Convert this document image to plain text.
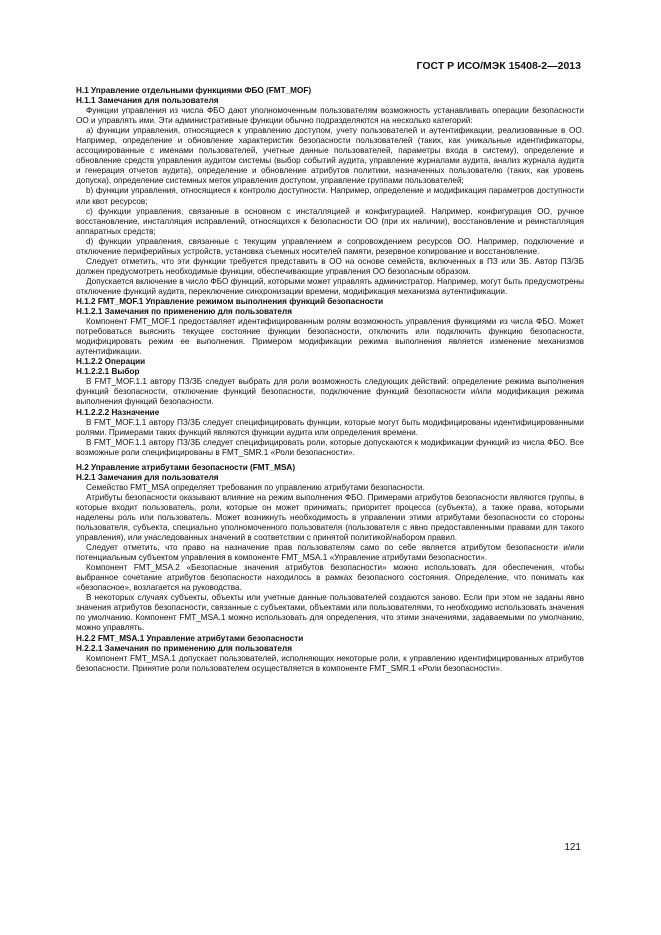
ГОСТ Р ИСО/МЭК 15408-2—2013

H.1 Управление отдельными функциями ФБО (FMT_MOF)

H.1.1 Замечания для пользователя

Функции управления из числа ФБО дают уполномоченным пользователям возможность устанавливать операции безопасности ОО и управлять ими. Эти административные функции обычно подразделяются на несколько категорий:

а) функции управления, относящиеся к управлению доступом, учету пользователей и аутентификации, реализованные в ОО. Например, определение и обновление характеристик безопасности пользователей (таких, как уникальные идентификаторы, ассоциированные с именами пользователей, учетные данные пользователей, параметры входа в систему), определение и обновление средств управления аудитом системы (выбор событий аудита, управление журналами аудита, анализ журнала аудита и генерация отчетов аудита), определение и обновление атрибутов политики, назначенных пользователю (таких, как уровень допуска), определение системных меток управления доступом, управление группами пользователей;

b) функции управления, относящиеся к контролю доступности. Например, определение и модификация параметров доступности или квот ресурсов;

с) функции управления, связанные в основном с инсталляцией и конфигурацией. Например, конфигурация ОО, ручное восстановление, инсталляция исправлений, относящихся к безопасности ОО (при их наличии), восстановление и реинсталляция аппаратных средств;

d) функции управления, связанные с текущим управлением и сопровождением ресурсов ОО. Например, подключение и отключение периферийных устройств, установка съемных носителей памяти, резервное копирование и восстановление.

Следует отметить, что эти функции требуется представить в ОО на основе семейств, включенных в ПЗ или ЗБ. Автор ПЗ/ЗБ должен предусмотреть необходимые функции, обеспечивающие управления ОО безопасным образом.

Допускается включение в число ФБО функций, которыми может управлять администратор. Например, могут быть предусмотрены отключение функций аудита, переключение синхронизации времени, модификация механизма аутентификации.

H.1.2 FMT_MOF.1 Управление режимом выполнения функций безопасности

H.1.2.1 Замечания по применению для пользователя

Компонент FMT_MOF.1 предоставляет идентифицированным ролям возможность управления функциями из числа ФБО. Может потребоваться выяснить текущее состояние функции безопасности, отключить или подключить функцию безопасности, модифицировать режим ее выполнения. Примером модификации режима выполнения является изменение механизмов аутентификации.

H.1.2.2 Операции

H.1.2.2.1 Выбор

В FMT_MOF.1.1 автору ПЗ/ЗБ следует выбрать для роли возможность следующих действий: определение режима выполнения функций безопасности, отключение функций безопасности, подключение функций безопасности и/или модификация режима выполнения функций безопасности.

H.1.2.2.2 Назначение

В FMT_MOF.1.1 автору ПЗ/ЗБ следует специфицировать функции, которые могут быть модифицированы идентифицированными ролями. Примерами таких функций являются функции аудита или определения времени.

В FMT_MOF.1.1 автору ПЗ/ЗБ следует специфицировать роли, которые допускаются к модификации функций из числа ФБО. Все возможные роли специфицированы в FMT_SMR.1 «Роли безопасности».

H.2 Управление атрибутами безопасности (FMT_MSA)

H.2.1 Замечания для пользователя

Семейство FMT_MSA определяет требования по управлению атрибутами безопасности.

Атрибуты безопасности оказывают влияние на режим выполнения ФБО. Примерами атрибутов безопасности являются группы, в которые входит пользователь, роли, которые он может принимать; приоритет процесса (субъекта), а также права, которыми наделены роль или пользователь. Может возникнуть необходимость в управлении этими атрибутами безопасности со стороны пользователя, субъекта, специально уполномоченного пользователя (пользователя с явно предоставленными правами для такого управления), или унаследованных значений в соответствии с принятой политикой/набором правил.

Следует отметить, что право на назначение прав пользователям само по себе является атрибутом безопасности и/или потенциальным субъектом управления в компоненте FMT_MSA.1 «Управление атрибутами безопасности».

Компонент FMT_MSA.2 «Безопасные значения атрибутов безопасности» можно использовать для обеспечения, чтобы выбранное сочетание атрибутов безопасности находилось в рамках безопасного состояния. Определение, что понимать как «безопасное», возлагается на руководства.

В некоторых случаях субъекты, объекты или учетные данные пользователей создаются заново. Если при этом не заданы явно значения атрибутов безопасности, связанные с субъектами, объектами или пользователями, то необходимо использовать значения по умолчанию. Компонент FMT_MSA.1 можно использовать для определения, что этими значениями, задаваемыми по умолчанию, можно управлять.

H.2.2 FMT_MSA.1 Управление атрибутами безопасности

H.2.2.1 Замечания по применению для пользователя

Компонент FMT_MSA.1 допускает пользователей, исполняющих некоторые роли, к управлению идентифицированных атрибутов безопасности. Принятие роли пользователем осуществляется в компоненте FMT_SMR.1 «Роли безопасности».

121
